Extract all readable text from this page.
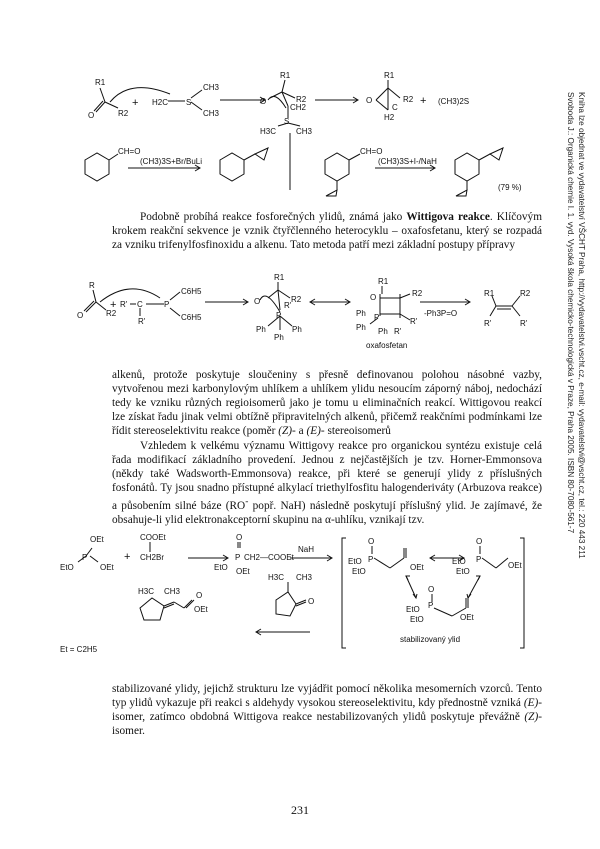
Svoboda J.: Organická chemie I. 1. vyd. Vysoká škola chemicko-technologická v Praze, Praha 2005. ISBN 80-7080-561-7 Kniha lze objednat ve vydavatelství VŠCHT Praha, http://vydavatelstvi.vscht.cz, e-mail: vydavatelstvi@vscht.cz, tel.: 220 443 211
R1
R2
O
+ H2C S
CH3
CH3
R1
R2
O
CH2
S
H3C CH3
R1
R2
O
C
H2
+ (CH3)2S
CH=O
(CH3)3S+Br/BuLi
CH=O
(CH3)3S+I-/NaH
(79 %)

Podobně probíhá reakce fosforečných ylidů, známá jako Wittigova reakce. Klíčovým krokem reakční sekvence je vznik čtyřčlenného heterocyklu – oxafosfetanu, který se rozpadá za vzniku trifenylfosfinoxidu a alkenu. Tato metoda patří mezi základní postupy přípravy

R
R2
O
+ R' C
R'
P
C6H5
C6H5
R1
R2
O	R'
P
Ph	Ph
Ph
R1
R2
O
Ph P	R'
Ph Ph R'
oxafosfetan
-Ph3P=O
R1	R2
R'	R'

alkenů, protože poskytuje sloučeniny s přesně definovanou polohou násobné vazby, vytvořenou mezi karbonylovým uhlíkem a uhlíkem ylidu nesoucím záporný náboj, nedochází tedy ke vzniku různých regioisomerů jako je tomu u eliminačních reakcí. Wittigovou reakcí lze získat řadu jinak velmi obtížně připravitelných alkenů, přičemž reakčními podmínkami lze řídit stereoselektivitu reakce (poměr (Z)- a (E)- stereoisomerů

Vzhledem k velkému významu Wittigovy reakce pro organickou syntézu existuje celá řada modifikací základního provedení. Jednou z nejčastějších je tzv. Horner-Emmonsova (někdy také Wadsworth-Emmonsova) reakce, při které se generují ylidy z příslušných fosfonátů. Ty jsou snadno přístupné alkylací triethylfosfitu halogenderiváty (Arbuzova reakce) a působením silné báze (RO- popř. NaH) následně poskytují příslušný ylid. Je zajímavé, že obsahuje-li ylid elektronakceptorní skupinu na α-uhlíku, vznikají tzv.

OEt
P
EtO	OEt
+
COOEt
CH2Br
O
P CH2—COOEt
EtO OEt
NaH
O
P
EtO
EtO	OEt
O
P
EtO
EtO
OEt
O
P
EtO
EtO	OEt
stabilizovaný ylid
H3C CH3
O
H3C CH3 O
OEt
Et = C2H5

stabilizované ylidy, jejichž strukturu lze vyjádřit pomocí několika mesomerních vzorců. Tento typ ylidů vykazuje při reakci s aldehydy vysokou stereoselektivitu, kdy přednostně vzniká (E)- isomer, zatímco obdobná Wittigova reakce nestabilizovaných ylidů poskytuje převážně (Z)- isomer.

231
